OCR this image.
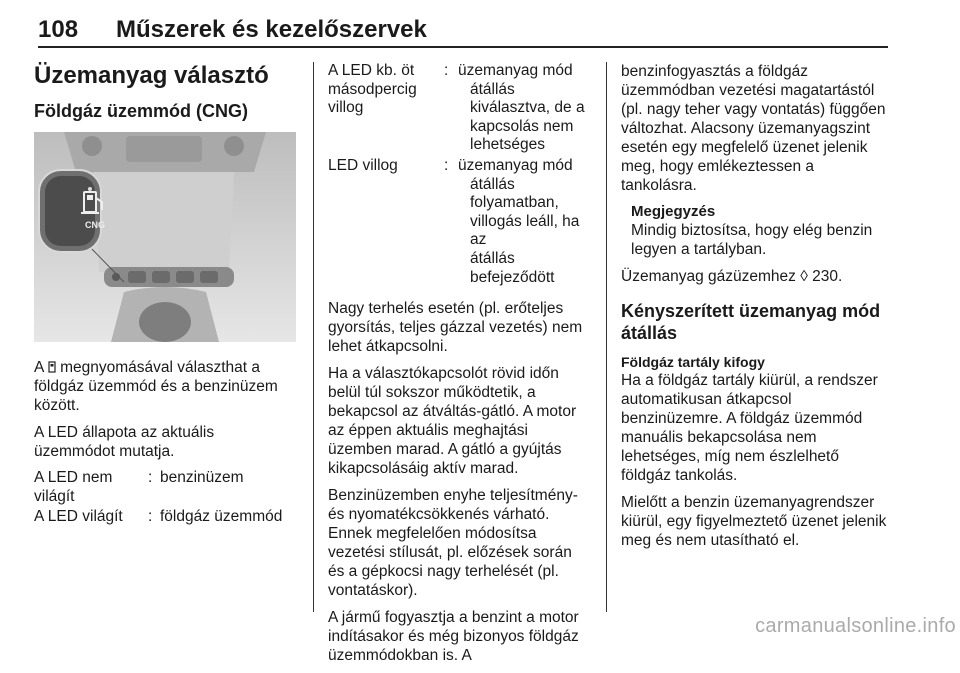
108 Műszerek és kezelőszervek
Üzemanyag választó
Földgáz üzemmód (CNG)
CNG

A  megnyomásával választhat a földgáz üzemmód és a benzinüzem között.

A LED állapota az aktuális üzemmódot mutatja.

A LED nem világít
: benzinüzem
A LED világít	: földgáz üzemmód
A LED kb. öt másodpercig villog
: üzemanyag mód
átállás
kiválasztva, de a
kapcsolás nem
lehetséges
LED villog	: üzemanyag mód
átállás
folyamatban,
villogás leáll, ha az
átállás
befejeződött

Nagy terhelés esetén (pl. erőteljes gyorsítás, teljes gázzal vezetés) nem lehet átkapcsolni.

Ha a választókapcsolót rövid időn belül túl sokszor működtetik, a bekapcsol az átváltás-gátló. A motor az éppen aktuális meghajtási üzemben marad. A gátló a gyújtás kikapcsolásáig aktív marad.

Benzinüzemben enyhe teljesítmény- és nyomatékcsökkenés várható. Ennek megfelelően módosítsa vezetési stílusát, pl. előzések során és a gépkocsi nagy terhelését (pl. vontatáskor).

A jármű fogyasztja a benzint a motor indításakor és még bizonyos földgáz üzemmódokban is. A

benzinfogyasztás a földgáz üzemmódban vezetési magatartástól (pl. nagy teher vagy vontatás) függően változhat. Alacsony üzemanyagszint esetén egy megfelelő üzenet jelenik meg, hogy emlékeztessen a tankolásra.

Megjegyzés

Mindig biztosítsa, hogy elég benzin legyen a tartályban.

Üzemanyag gázüzemhez ◊ 230.

Kényszerített üzemanyag mód átállás
Földgáz tartály kifogy

Ha a földgáz tartály kiürül, a rendszer automatikusan átkapcsol benzinüzemre. A földgáz üzemmód manuális bekapcsolása nem lehetséges, míg nem észlelhető földgáz tankolás.

Mielőtt a benzin üzemanyagrendszer kiürül, egy figyelmeztető üzenet jelenik meg és nem utasítható el.

carmanualsonline.info
